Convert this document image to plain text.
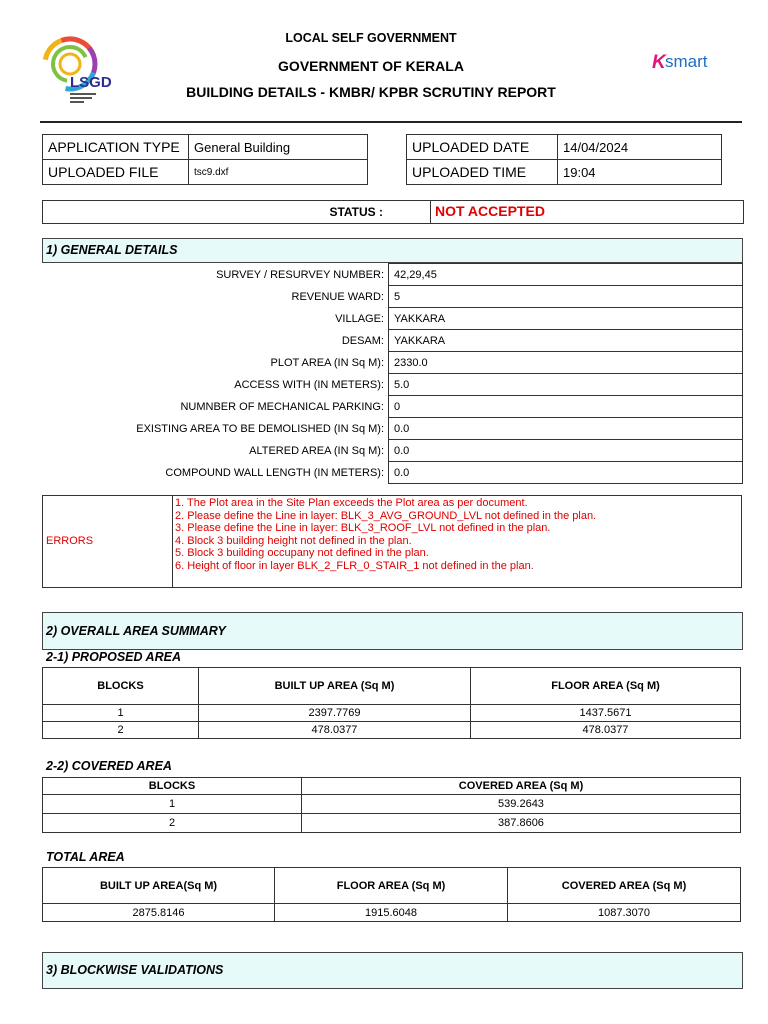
LSGD
K smart
LOCAL SELF GOVERNMENT
GOVERNMENT OF KERALA
BUILDING DETAILS - KMBR/ KPBR SCRUTINY REPORT
APPLICATION TYPE	General Building
UPLOADED FILE	tsc9.dxf
UPLOADED DATE	14/04/2024
UPLOADED TIME	19:04
STATUS :	NOT ACCEPTED
1) GENERAL DETAILS
SURVEY / RESURVEY NUMBER:	42,29,45
REVENUE WARD:	5
VILLAGE:	YAKKARA
DESAM:	YAKKARA
PLOT AREA (IN Sq M):	2330.0
ACCESS WITH (IN METERS):	5.0
NUMNBER OF MECHANICAL PARKING:	0
EXISTING AREA TO BE DEMOLISHED (IN Sq M):	0.0
ALTERED AREA (IN Sq M):	0.0
COMPOUND WALL LENGTH (IN METERS):	0.0
ERRORS
1. The Plot area in the Site Plan exceeds the Plot area as per document.
2. Please define the Line in layer: BLK_3_AVG_GROUND_LVL not defined in the plan.
3. Please define the Line in layer: BLK_3_ROOF_LVL not defined in the plan.
4. Block 3 building height not defined in the plan.
5. Block 3 building occupany not defined in the plan.
6. Height of floor in layer BLK_2_FLR_0_STAIR_1 not defined in the plan.
2) OVERALL AREA SUMMARY
2-1) PROPOSED AREA
BLOCKS	BUILT UP AREA (Sq M)	FLOOR AREA (Sq M)
1	2397.7769	1437.5671
2	478.0377	478.0377
2-2) COVERED AREA
BLOCKS	COVERED AREA (Sq M)
1	539.2643
2	387.8606
TOTAL AREA
BUILT UP AREA(Sq M)	FLOOR AREA (Sq M)	COVERED AREA (Sq M)
2875.8146	1915.6048	1087.3070
3) BLOCKWISE VALIDATIONS
